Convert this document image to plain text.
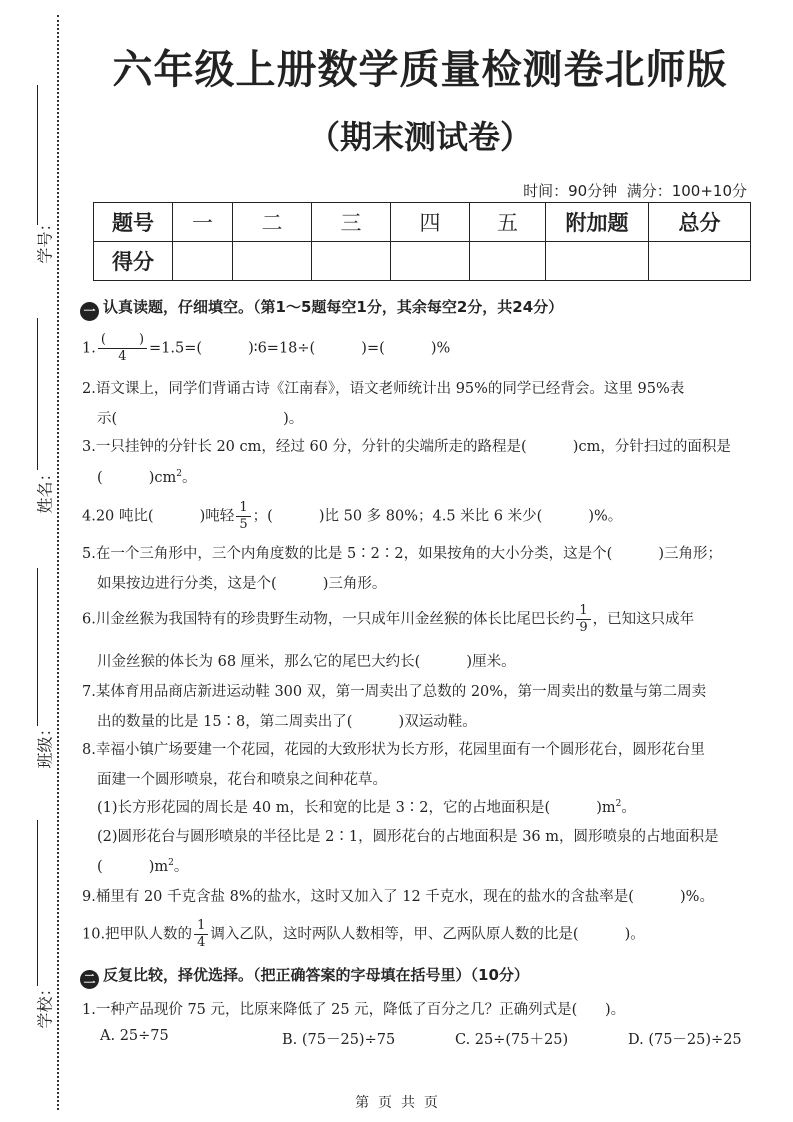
学号：
姓名：
班级：
学校：
六年级上册数学质量检测卷北师版
（期末测试卷）
时间：90分钟  满分：100+10分
题号	一	二	三	四	五	附加题	总分
得分							
一 认真读题，仔细填空。（第1～5题每空1分，其余每空2分，共24分）
1. $\frac{( )}{4} =1.5=$(          )∶6=18÷(          )=(          )%
2.语文课上，同学们背诵古诗《江南春》，语文老师统计出 95%的同学已经背会。这里 95%表
示(                                    )。
3.一只挂钟的分针长 20 cm，经过 60 分，分针的尖端所走的路程是(          )cm，分针扫过的面积是
(          )$cm^2$。
4.20 吨比(          )吨轻 $\frac{1}{5}$ ；(          )比 50 多 80%；4.5 米比 6 米少(          )%。
5.在一个三角形中，三个内角度数的比是 5∶2∶2，如果按角的大小分类，这是个(          )三角形；
如果按边进行分类，这是个(          )三角形。
6.川金丝猴为我国特有的珍贵野生动物，一只成年川金丝猴的体长比尾巴长约 $\frac{1}{9}$ ，已知这只成年
川金丝猴的体长为 68 厘米，那么它的尾巴大约长(          )厘米。
7.某体育用品商店新进运动鞋 300 双，第一周卖出了总数的 20%，第一周卖出的数量与第二周卖
出的数量的比是 15∶8，第二周卖出了(          )双运动鞋。
8.幸福小镇广场要建一个花园，花园的大致形状为长方形，花园里面有一个圆形花台，圆形花台里
面建一个圆形喷泉，花台和喷泉之间种花草。
(1)长方形花园的周长是 40 m，长和宽的比是 3∶2，它的占地面积是(          )$m^2$。
(2)圆形花台与圆形喷泉的半径比是 2∶1，圆形花台的占地面积是 36 m，圆形喷泉的占地面积是
(          )$m^2$。
9.桶里有 20 千克含盐 8%的盐水，这时又加入了 12 千克水，现在的盐水的含盐率是(          )%。
10.把甲队人数的 $\frac{1}{4}$ 调入乙队，这时两队人数相等，甲、乙两队原人数的比是(          )。
二 反复比较，择优选择。（把正确答案的字母填在括号里）（10分）
1.一种产品现价 75 元，比原来降低了 25 元，降低了百分之几？正确列式是(      )。
A. 25÷75	B. (75－25)÷75	C. 25÷(75＋25)	D. (75－25)÷25
第  页  共  页
